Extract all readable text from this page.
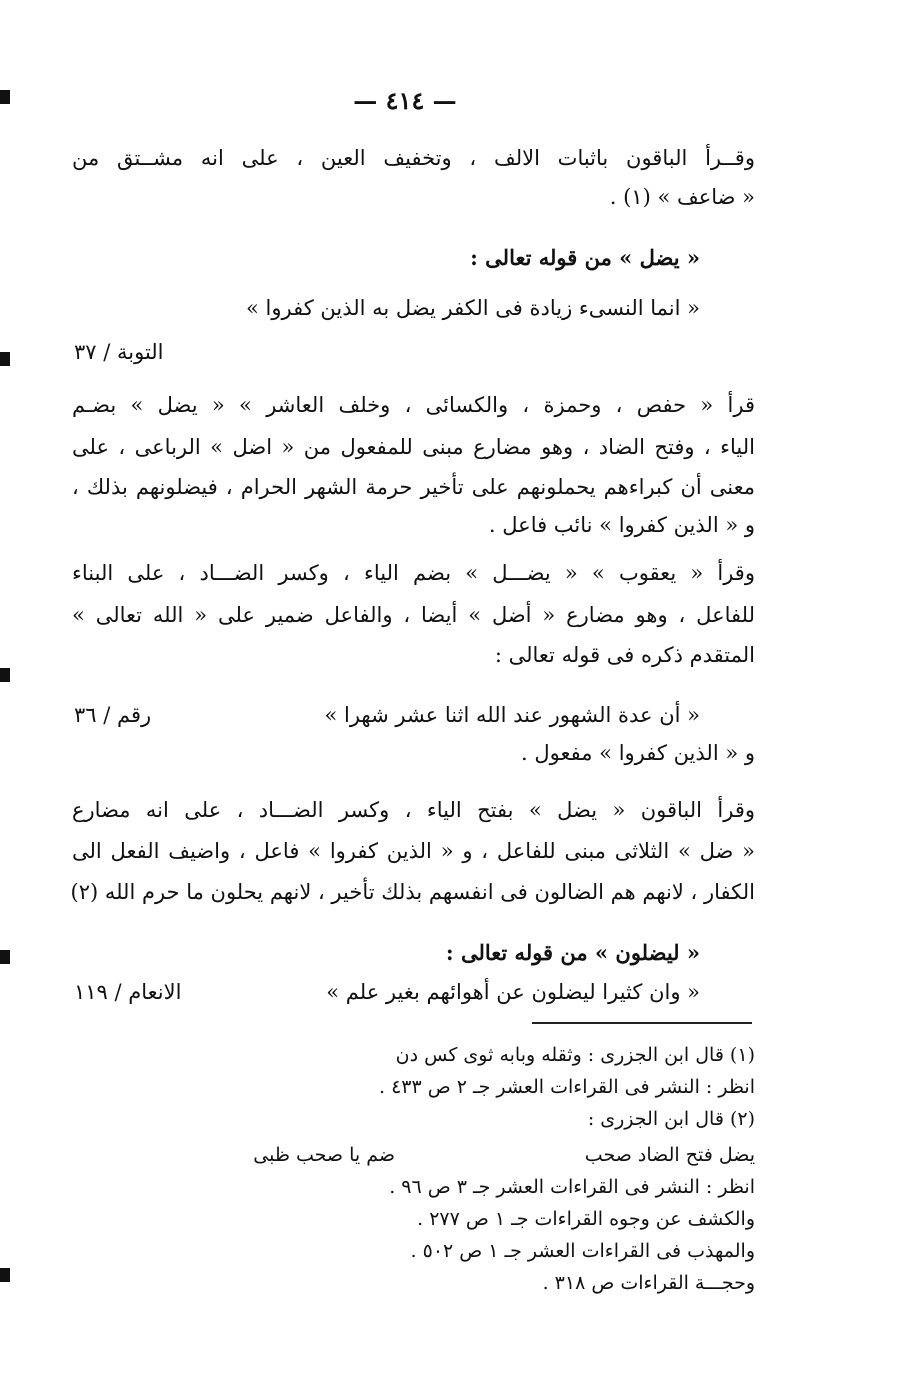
— ٤١٤ —
وقــرأ الباقون باثبات الالف ، وتخفيف العين ، على انه مشــتق من
« ضاعف » (١) .
« يضل » من قوله تعالى :
« انما النسىء زيادة فى الكفر يضل به الذين كفروا »
التوبة / ٣٧
قرأ « حفص ، وحمزة ، والكسائى ، وخلف العاشر » « يضل » بضـم
الياء ، وفتح الضاد ، وهو مضارع مبنى للمفعول من « اضل » الرباعى ، على
معنى أن كبراءهم يحملونهم على تأخير حرمة الشهر الحرام ، فيضلونهم بذلك ،
و « الذين كفروا » نائب فاعل .
وقرأ « يعقوب » « يضـــل » بضم الياء ، وكسر الضـــاد ، على البناء
للفاعل ، وهو مضارع « أضل » أيضا ، والفاعل ضمير على « الله تعالى »
المتقدم ذكره فى قوله تعالى :
« أن عدة الشهور عند الله اثنا عشر شهرا »
رقم / ٣٦
و « الذين كفروا » مفعول .
وقرأ الباقون « يضل » بفتح الياء ، وكسر الضـــاد ، على انه مضارع
« ضل » الثلاثى مبنى للفاعل ، و « الذين كفروا » فاعل ، واضيف الفعل الى
الكفار ، لانهم هم الضالون فى انفسهم بذلك تأخير ، لانهم يحلون ما حرم الله (٢)
« ليضلون » من قوله تعالى :
« وان كثيرا ليضلون عن أهوائهم بغير علم »
الانعام / ١١٩
(١) قال ابن الجزرى : وثقله وبابه ثوى كس دن
انظر : النشر فى القراءات العشر جـ ٢ ص ٤٣٣ .
(٢) قال ابن الجزرى :
يضل فتح الضاد صحب
ضم يا صحب ظبى
انظر : النشر فى القراءات العشر جـ ٣ ص ٩٦ .
والكشف عن وجوه القراءات جـ ١ ص ٢٧٧ .
والمهذب فى القراءات العشر جـ ١ ص ٥٠٢ .
وحجـــة القراءات ص ٣١٨ .
